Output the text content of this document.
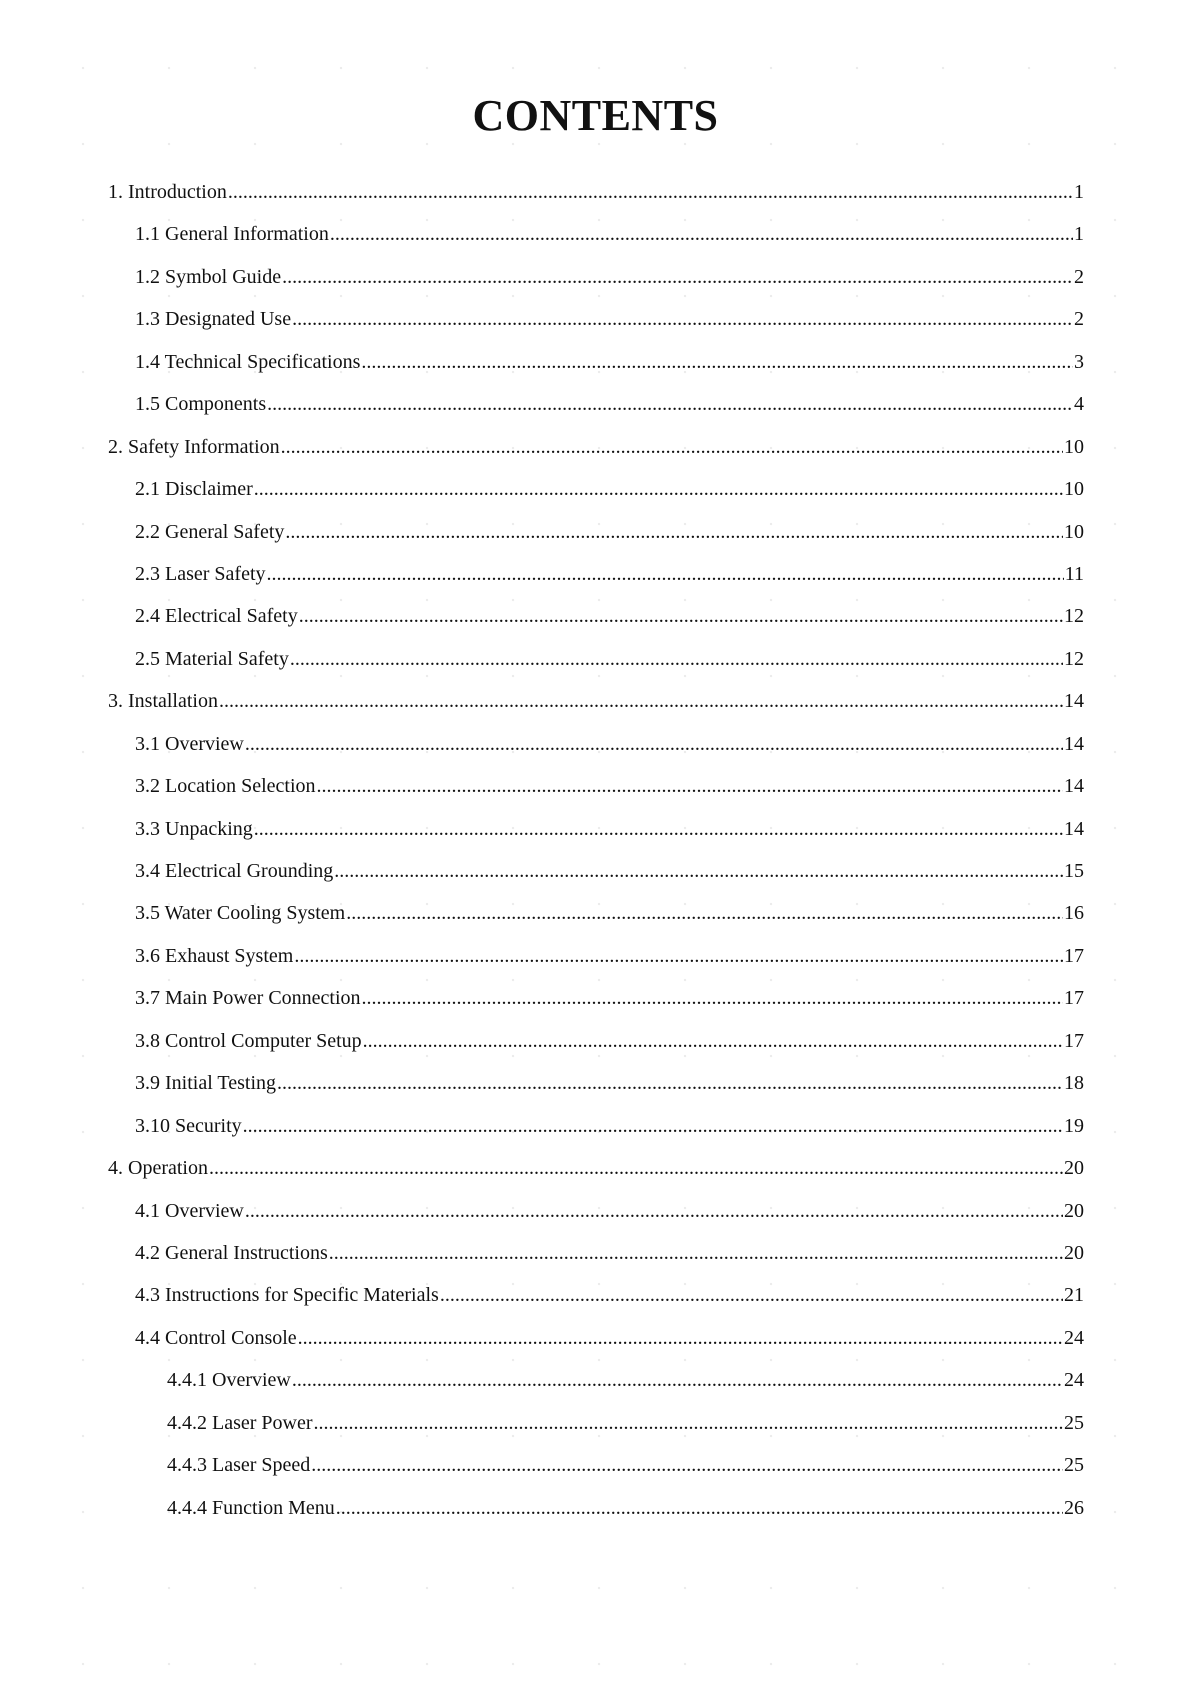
CONTENTS
1. Introduction .....	1
1.1 General Information .....	1
1.2 Symbol Guide .....	2
1.3 Designated Use .....	2
1.4 Technical Specifications .....	3
1.5 Components .....	4
2. Safety Information .....	10
2.1 Disclaimer .....	10
2.2 General Safety .....	10
2.3 Laser Safety .....	11
2.4 Electrical Safety .....	12
2.5 Material Safety .....	12
3. Installation .....	14
3.1 Overview .....	14
3.2 Location Selection .....	14
3.3 Unpacking .....	14
3.4 Electrical Grounding .....	15
3.5 Water Cooling System .....	16
3.6 Exhaust System .....	17
3.7 Main Power Connection .....	17
3.8 Control Computer Setup .....	17
3.9 Initial Testing .....	18
3.10 Security .....	19
4. Operation .....	20
4.1 Overview .....	20
4.2 General Instructions .....	20
4.3 Instructions for Specific Materials .....	21
4.4 Control Console .....	24
4.4.1 Overview .....	24
4.4.2 Laser Power .....	25
4.4.3 Laser Speed .....	25
4.4.4 Function Menu .....	26
